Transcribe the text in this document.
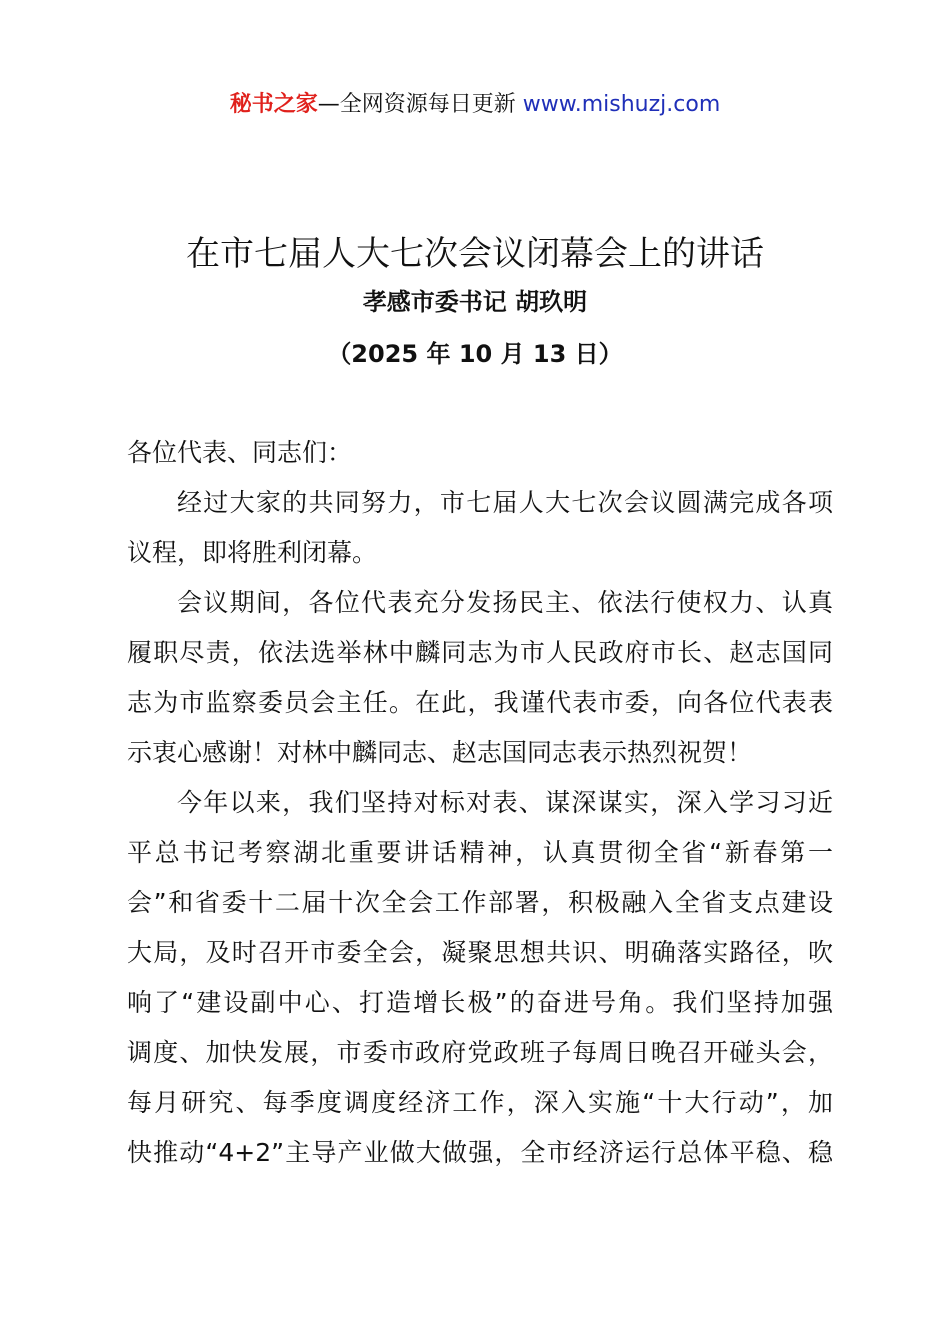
秘书之家—全网资源每日更新 www.mishuzj.com
在市七届人大七次会议闭幕会上的讲话
孝感市委书记 胡玖明
（2025 年 10 月 13 日）

各位代表、同志们：

经过大家的共同努力，市七届人大七次会议圆满完成各项
议程，即将胜利闭幕。

会议期间，各位代表充分发扬民主、依法行使权力、认真
履职尽责，依法选举林中麟同志为市人民政府市长、赵志国同
志为市监察委员会主任。在此，我谨代表市委，向各位代表表
示衷心感谢！对林中麟同志、赵志国同志表示热烈祝贺！

今年以来，我们坚持对标对表、谋深谋实，深入学习习近
平总书记考察湖北重要讲话精神，认真贯彻全省“新春第一
会”和省委十二届十次全会工作部署，积极融入全省支点建设
大局，及时召开市委全会，凝聚思想共识、明确落实路径，吹
响了“建设副中心、打造增长极”的奋进号角。我们坚持加强
调度、加快发展，市委市政府党政班子每周日晚召开碰头会，
每月研究、每季度调度经济工作，深入实施“十大行动”，加
快推动“4+2”主导产业做大做强，全市经济运行总体平稳、稳
